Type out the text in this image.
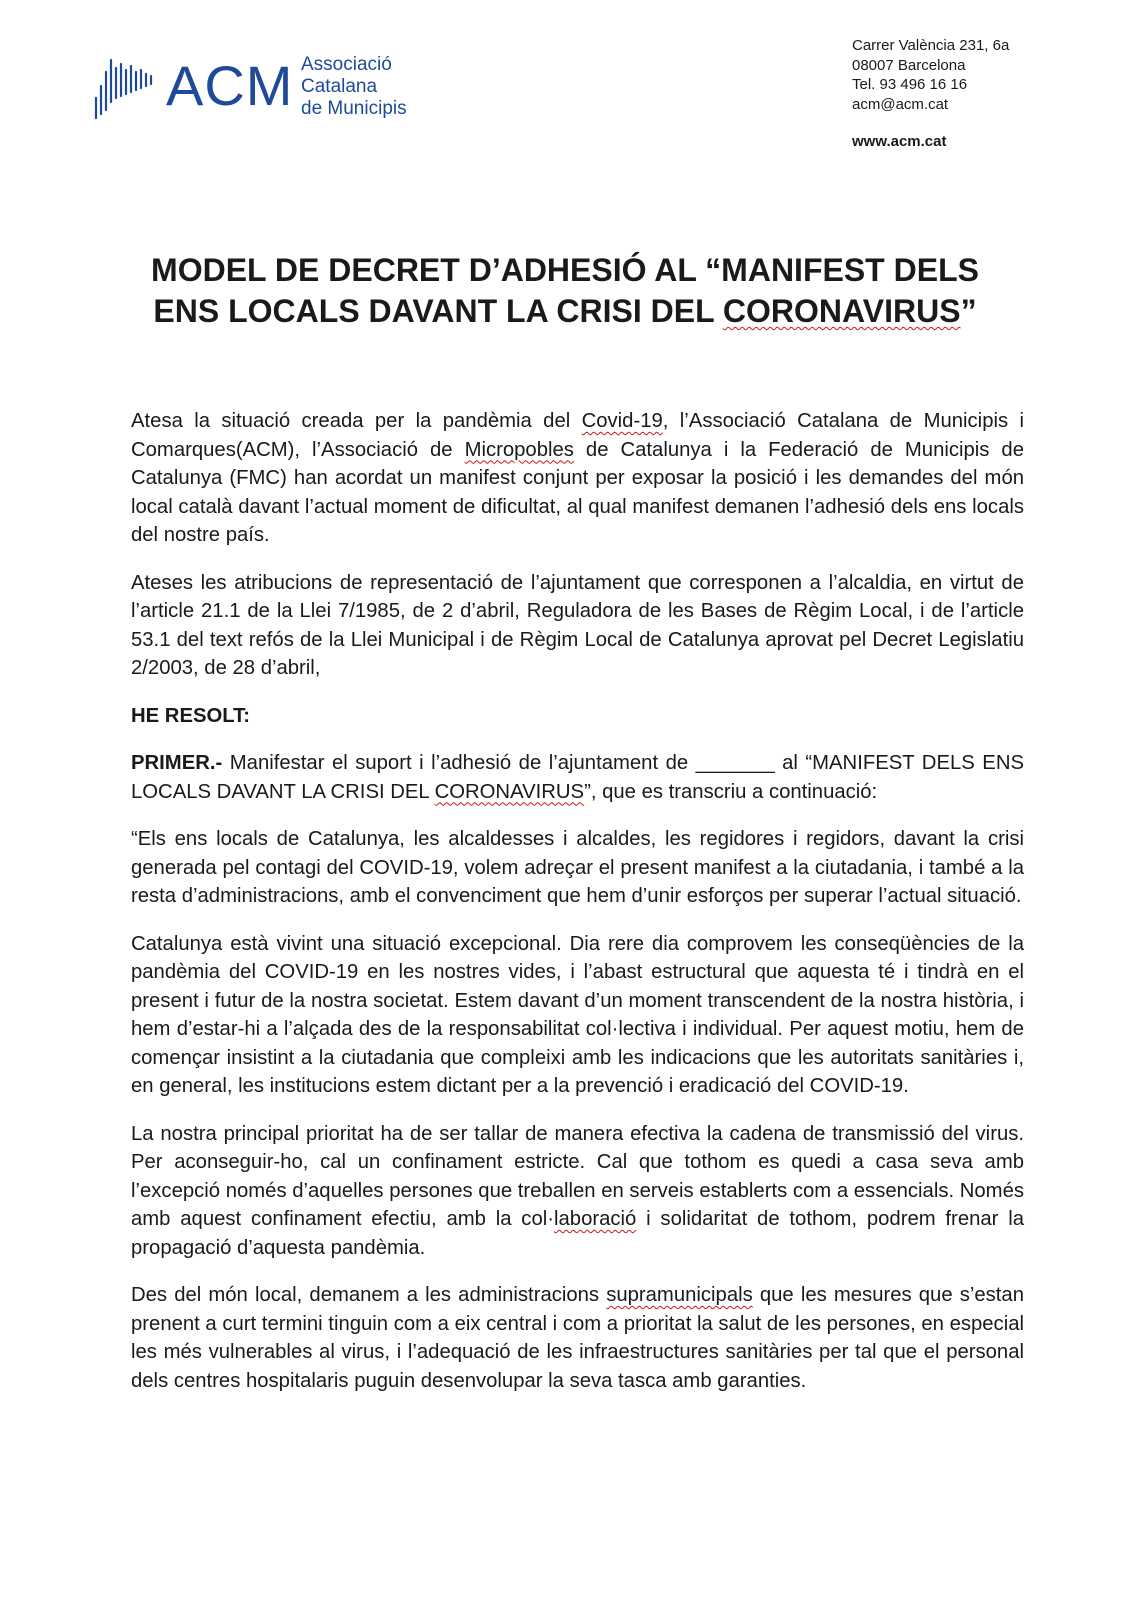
ACM Associació
Catalana
de Municipis
Carrer València 231, 6a
08007 Barcelona
Tel. 93 496 16 16
acm@acm.cat
www.acm.cat
MODEL DE DECRET D’ADHESIÓ AL “MANIFEST DELS
ENS LOCALS DAVANT LA CRISI DEL CORONAVIRUS”

Atesa la situació creada per la pandèmia del Covid-19, l’Associació Catalana de Municipis i Comarques(ACM), l’Associació de Micropobles de Catalunya i la Federació de Municipis de Catalunya (FMC) han acordat un manifest conjunt per exposar la posició i les demandes del món local català davant l’actual moment de dificultat, al qual manifest demanen l’adhesió dels ens locals del nostre país.

Ateses les atribucions de representació de l’ajuntament que corresponen a l’alcaldia, en virtut de l’article 21.1 de la Llei 7/1985, de 2 d’abril, Reguladora de les Bases de Règim Local, i de l’article 53.1 del text refós de la Llei Municipal i de Règim Local de Catalunya aprovat pel Decret Legislatiu 2/2003, de 28 d’abril,

HE RESOLT:

PRIMER.- Manifestar el suport i l’adhesió de l’ajuntament de _______ al “MANIFEST DELS ENS LOCALS DAVANT LA CRISI DEL CORONAVIRUS”, que es transcriu a continuació:

“Els ens locals de Catalunya, les alcaldesses i alcaldes, les regidores i regidors, davant la crisi generada pel contagi del COVID-19, volem adreçar el present manifest a la ciutadania, i també a la resta d’administracions, amb el convenciment que hem d’unir esforços per superar l’actual situació.

Catalunya està vivint una situació excepcional. Dia rere dia comprovem les conseqüències de la pandèmia del COVID-19 en les nostres vides, i l’abast estructural que aquesta té i tindrà en el present i futur de la nostra societat. Estem davant d’un moment transcendent de la nostra història, i hem d’estar-hi a l’alçada des de la responsabilitat col·lectiva i individual. Per aquest motiu, hem de començar insistint a la ciutadania que compleixi amb les indicacions que les autoritats sanitàries i, en general, les institucions estem dictant per a la prevenció i eradicació del COVID-19.

La nostra principal prioritat ha de ser tallar de manera efectiva la cadena de transmissió del virus. Per aconseguir-ho, cal un confinament estricte. Cal que tothom es quedi a casa seva amb l’excepció només d’aquelles persones que treballen en serveis establerts com a essencials. Només amb aquest confinament efectiu, amb la col·laboració i solidaritat de tothom, podrem frenar la propagació d’aquesta pandèmia.

Des del món local, demanem a les administracions supramunicipals que les mesures que s’estan prenent a curt termini tinguin com a eix central i com a prioritat la salut de les persones, en especial les més vulnerables al virus, i l’adequació de les infraestructures sanitàries per tal que el personal dels centres hospitalaris puguin desenvolupar la seva tasca amb garanties.
